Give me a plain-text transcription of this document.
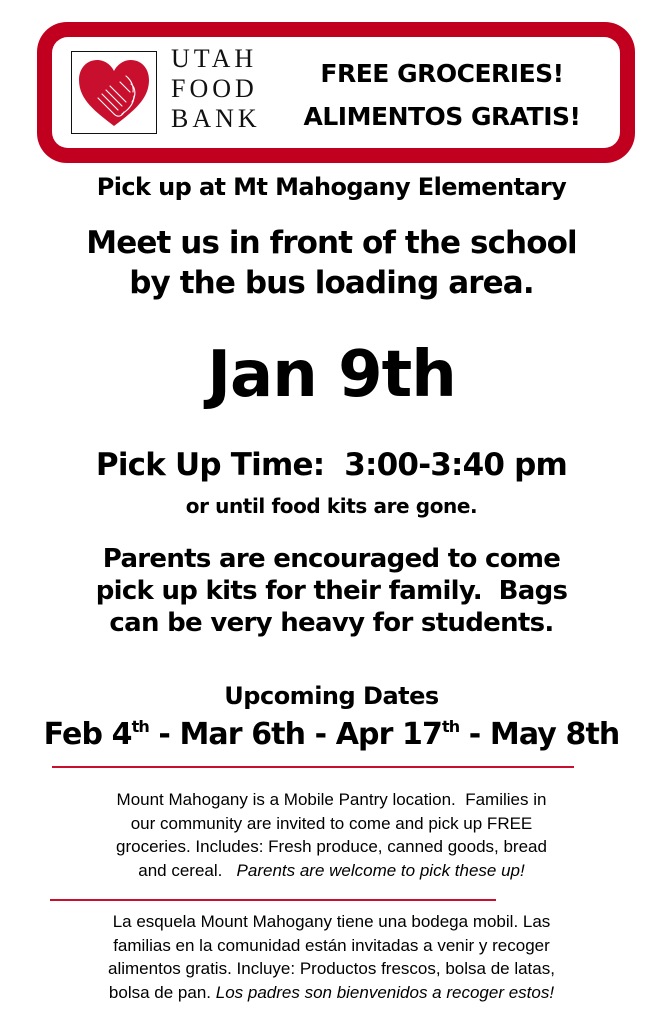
UTAH
FOOD
BANK
FREE GROCERIES!
ALIMENTOS GRATIS!
Pick up at Mt Mahogany Elementary
Meet us in front of the school
by the bus loading area.
Jan 9th
Pick Up Time:  3:00-3:40 pm
or until food kits are gone.
Parents are encouraged to come
pick up kits for their family.  Bags
can be very heavy for students.
Upcoming Dates
Feb 4th - Mar 6th - Apr 17th - May 8th
Mount Mahogany is a Mobile Pantry location.  Families in
our community are invited to come and pick up FREE
groceries. Includes: Fresh produce, canned goods, bread
and cereal.   Parents are welcome to pick these up!
La esquela Mount Mahogany tiene una bodega mobil. Las
familias en la comunidad están invitadas a venir y recoger
alimentos gratis. Incluye: Productos frescos, bolsa de latas,
bolsa de pan. Los padres son bienvenidos a recoger estos!
